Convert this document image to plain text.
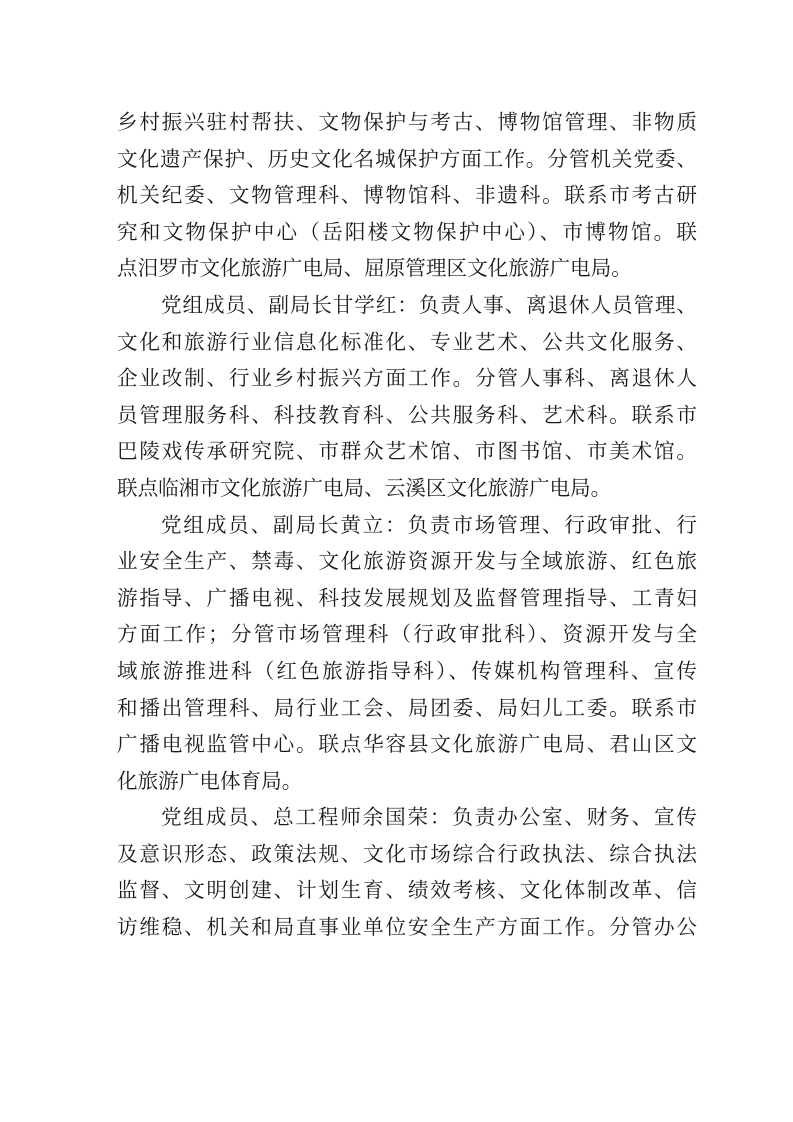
乡村振兴驻村帮扶、文物保护与考古、博物馆管理、非物质
文化遗产保护、历史文化名城保护方面工作。分管机关党委、
机关纪委、文物管理科、博物馆科、非遗科。联系市考古研
究和文物保护中心（岳阳楼文物保护中心）、市博物馆。联
点汨罗市文化旅游广电局、屈原管理区文化旅游广电局。
党组成员、副局长甘学红：负责人事、离退休人员管理、
文化和旅游行业信息化标准化、专业艺术、公共文化服务、
企业改制、行业乡村振兴方面工作。分管人事科、离退休人
员管理服务科、科技教育科、公共服务科、艺术科。联系市
巴陵戏传承研究院、市群众艺术馆、市图书馆、市美术馆。
联点临湘市文化旅游广电局、云溪区文化旅游广电局。
党组成员、副局长黄立：负责市场管理、行政审批、行
业安全生产、禁毒、文化旅游资源开发与全域旅游、红色旅
游指导、广播电视、科技发展规划及监督管理指导、工青妇
方面工作；分管市场管理科（行政审批科）、资源开发与全
域旅游推进科（红色旅游指导科）、传媒机构管理科、宣传
和播出管理科、局行业工会、局团委、局妇儿工委。联系市
广播电视监管中心。联点华容县文化旅游广电局、君山区文
化旅游广电体育局。
党组成员、总工程师余国荣：负责办公室、财务、宣传
及意识形态、政策法规、文化市场综合行政执法、综合执法
监督、文明创建、计划生育、绩效考核、文化体制改革、信
访维稳、机关和局直事业单位安全生产方面工作。分管办公
